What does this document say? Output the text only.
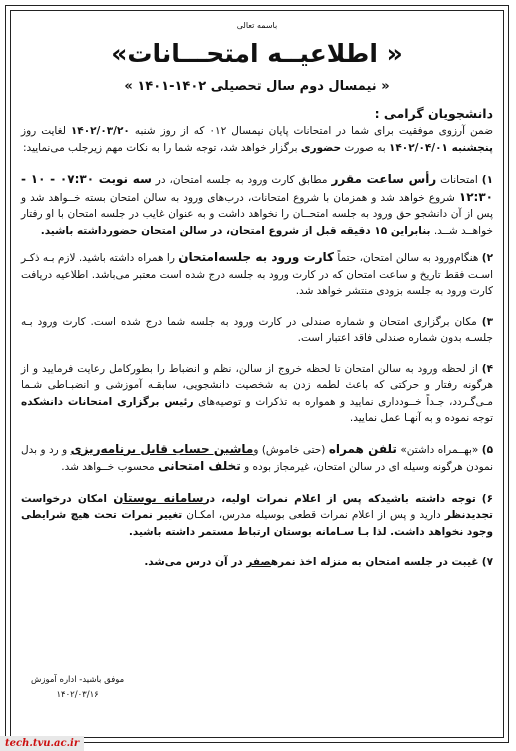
باسمه تعالی
« اطلاعیــه امتحـــانات»
« نیمسال دوم سال تحصیلی ۱۴۰۲-۱۴۰۱ »
دانشجویان گرامی :
ضمن آرزوی موفقیت برای شما در امتحانات پایان نیمسال ۰۱۲ که از روز شنبه ۱۴۰۲/۰۳/۲۰ لغایت روز پنجشنبه ۱۴۰۲/۰۴/۰۱ به صورت حضوری برگزار خواهد شد، توجه شما را به نکات مهم زیرجلب می‌نمایید:
۱) امتحانات رأس ساعت مقرر مطابق کارت ورود به جلسه امتحان، در سه نوبت ۰۷:۳۰ - ۱۰ - ۱۲:۳۰ شروع خواهد شد و همزمان با شروع امتحانات، درب‌های ورود به سالن امتحان بسته خــواهد شد و پس از آن دانشجو حق ورود به جلسه امتحــان را نخواهد داشت و به عنوان غایب در جلسه امتحان با او رفتار خواهــد شــد. بنابراین ۱۵ دقیقه قبل از شروع امتحان، در سالن امتحان حضورداشته باشید.
۲) هنگام‌ورود به سالن امتحان، حتماً کارت ورود به جلسه‌امتحان را همراه داشته باشید. لازم بـه ذکـر اسـت فقط تاریخ و ساعت امتحان که در کارت ورود به جلسه درج شده است معتبر می‌باشد. اطلاعیه دریافت کارت ورود به جلسه بزودی منتشر خواهد شد.
۳) مکان برگزاری امتحان و شماره صندلی در کارت ورود به جلسه شما درج شده است. کارت ورود بـه جلسـه بدون شماره صندلی فاقد اعتبار است.
۴) از لحظه ورود به سالن امتحان تا لحظه خروج از سالن، نظم و انضباط را بطورکامل رعایت فرمایید و از هرگونه رفتار و حرکتی که باعث لطمه زدن به شخصیت دانشجویی، سابقـه آموزشی و انضبـاطی شـما مـی‌گـردد، جـداً خــودداری نمایید و همواره به تذکرات و توصیه‌های رئیس برگزاری امتحانات دانشکده توجه نموده و به آنهـا عمل نمایید.
۵) «بهــمراه داشتن» تلفن همراه (حتی خاموش) وماشین حساب قابل برنامه‌ریزی و رد و بدل نمودن هرگونه وسیله ای در سالن امتحان، غیرمجاز بوده و تخلف امتحانی محسوب خــواهد شد.
۶) توجه داشته باشیدکه پس از اعلام نمرات اولیه، درسامانه بوستان امکان درخواست تجدیدنظر دارید و پس از اعلام نمرات قطعی بوسیله مدرس، امکـان تغییر نمرات تحت هیچ شرایطی وجود نخواهد داشت. لذا بـا سـامانه بوستان ارتباط مستمر داشته باشید.
۷) غیبت در جلسه امتحان به منزله اخذ نمرهصفر در آن درس می‌شد.
موفق باشید- اداره آموزش
۱۴۰۲/۰۳/۱۶
tech.tvu.ac.ir
